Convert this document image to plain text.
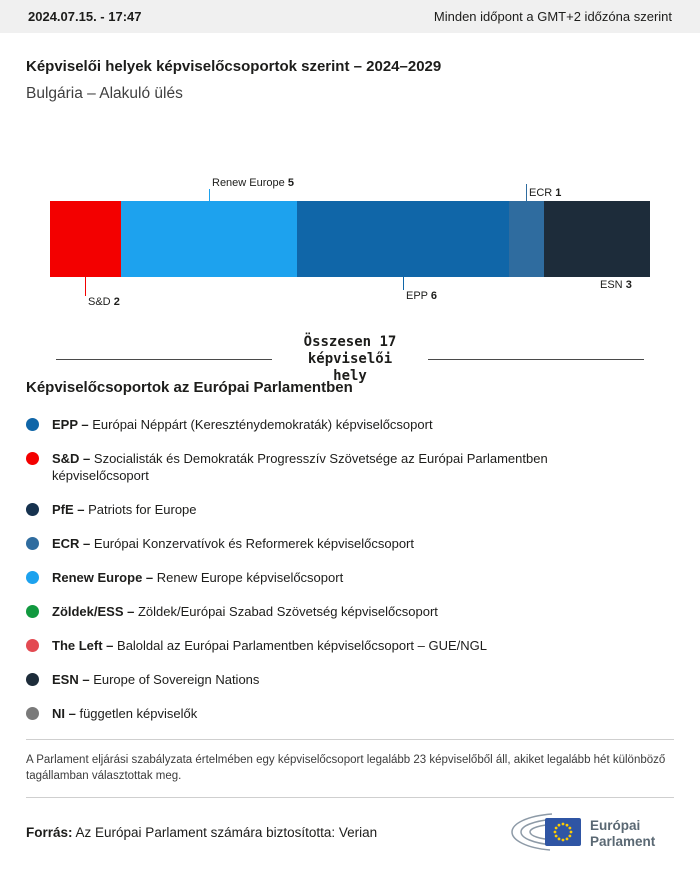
2024.07.15. - 17:47	Minden időpont a GMT+2 időzóna szerint
Képviselői helyek képviselőcsoportok szerint – 2024–2029
Bulgária – Alakuló ülés
S&D 2
Renew Europe 5
EPP 6
ECR 1
ESN 3
Összesen 17 képviselői hely
Képviselőcsoportok az Európai Parlamentben
EPP – Európai Néppárt (Kereszténydemokraták) képviselőcsoport
S&D – Szocialisták és Demokraták Progresszív Szövetsége az Európai Parlamentben képviselőcsoport
PfE – Patriots for Europe
ECR – Európai Konzervatívok és Reformerek képviselőcsoport
Renew Europe – Renew Europe képviselőcsoport
Zöldek/ESS – Zöldek/Európai Szabad Szövetség képviselőcsoport
The Left – Baloldal az Európai Parlamentben képviselőcsoport – GUE/NGL
ESN – Europe of Sovereign Nations
NI – független képviselők

A Parlament eljárási szabályzata értelmében egy képviselőcsoport legalább 23 képviselőből áll, akiket legalább hét különböző tagállamban választottak meg.

Forrás: Az Európai Parlament számára biztosította: Verian	Európai
Parlament
